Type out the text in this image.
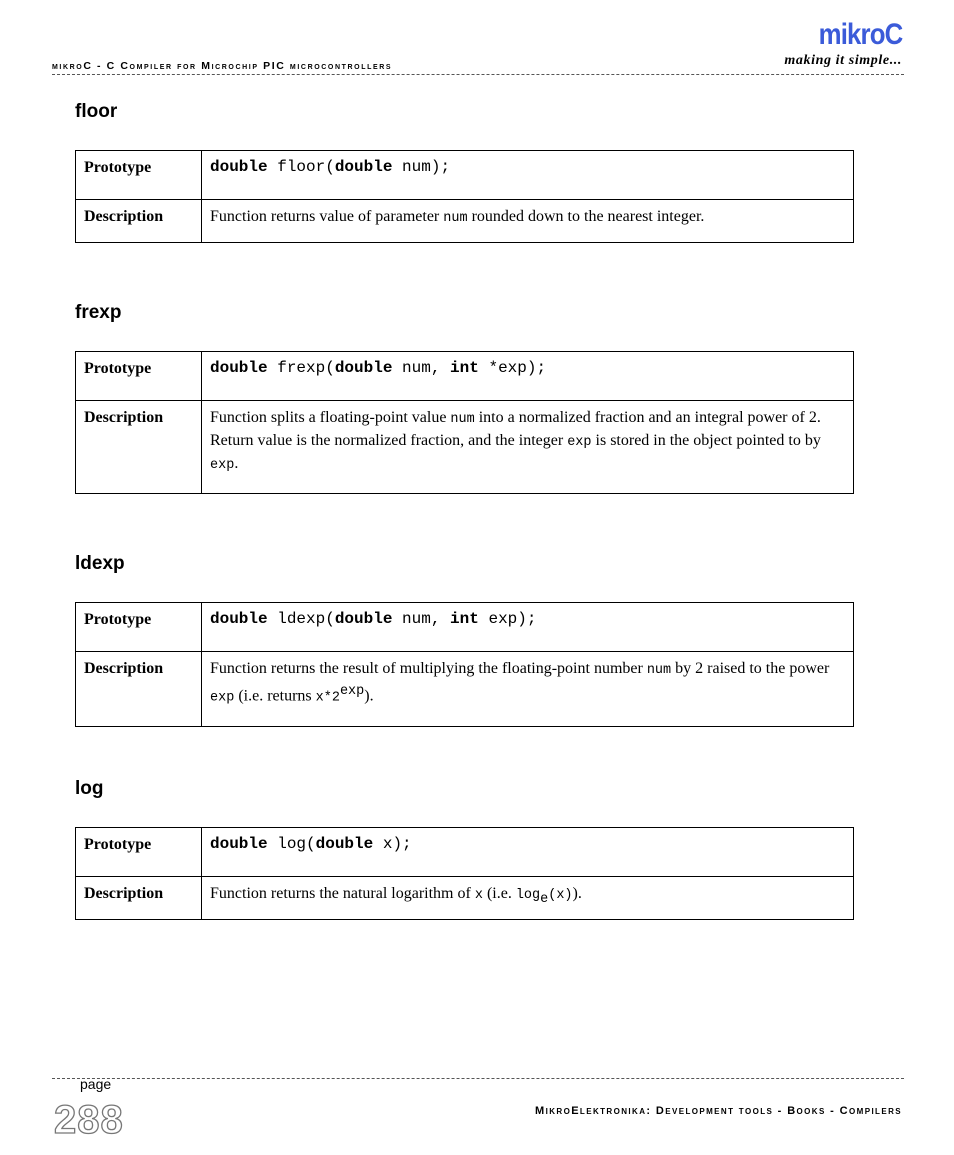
mikroC - C Compiler for Microchip PIC microcontrollers
mikroC
making it simple...
floor
Prototype	double floor(double num);
Description	Function returns value of parameter num rounded down to the nearest integer.
frexp
Prototype	double frexp(double num, int *exp);
Description	Function splits a floating-point value num into a normalized fraction and an integral power of 2. Return value is the normalized fraction, and the integer exp is stored in the object pointed to by exp.
ldexp
Prototype	double ldexp(double num, int exp);
Description	Function returns the result of multiplying the floating-point number num by 2 raised to the power exp (i.e. returns $x*2^{exp}$).
log
Prototype	double log(double x);
Description	Function returns the natural logarithm of x (i.e. $\log_e(x)$).
page
288	MikroElektronika: Development tools - Books - Compilers
